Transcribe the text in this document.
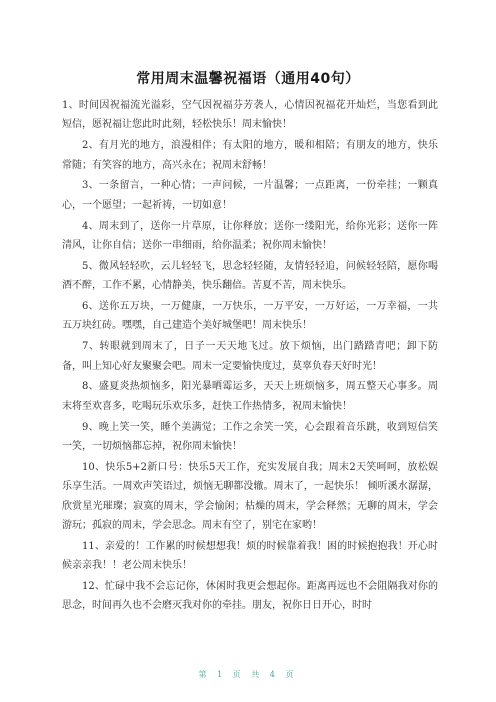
常用周末温馨祝福语（通用40句）

1、时间因祝福流光溢彩，空气因祝福芬芳袭人，心情因祝福花开灿烂，当您看到此短信，愿祝福让您此时此刻，轻松快乐！周末愉快！

2、有月光的地方，浪漫相伴；有太阳的地方，暖和相陪；有朋友的地方，快乐常随；有笑容的地方，高兴永在；祝周末舒畅！

3、一条留言，一种心情；一声问候，一片温馨；一点距离，一份牵挂；一颗真心，一个愿望；一起祈祷，一切如意！

4、周末到了，送你一片草原，让你释放；送你一缕阳光，给你光彩；送你一阵清风，让你自信；送你一串细雨，给你温柔；祝你周末愉快！

5、微风轻轻吹，云儿轻轻飞，思念轻轻随，友情轻轻追，问候轻轻陪，愿你喝酒不醉，工作不累，心情静美，快乐翻倍。苦夏不苦，周末快乐。

6、送你五万块，一万健康，一万快乐，一万平安，一万好运，一万幸福，一共五万块红砖。嘿嘿，自己建造个美好城堡吧！周末快乐！

7、转眼就到周末了，日子一天天地飞过。放下烦恼，出门踏踏青吧；卸下防备，叫上知心好友聚聚会吧。周末一定要愉快度过，莫辜负春天好时光！

8、盛夏炎热烦恼多，阳光暴晒霉运多，天天上班烦恼多，周五整天心事多。周末将至欢喜多，吃喝玩乐欢乐多，赶快工作热情多，祝周末愉快！

9、晚上笑一笑，睡个美满觉；工作之余笑一笑，心会跟着音乐跳，收到短信笑一笑，一切烦恼都忘掉，祝你周末愉快！

10、快乐5+2新口号：快乐5天工作，充实发展自我；周末2天笑呵呵，放松娱乐享生活。一周欢声笑语过，烦恼无聊都没辙。周末了，一起快乐！ 倾听溪水潺潺，欣赏星光璀璨；寂寞的周末，学会愉闲；枯燥的周末，学会释然；无聊的周末，学会游玩；孤寂的周末，学会思念。周末有空了，别宅在家哟！

11、亲爱的！工作累的时候想想我！烦的时候靠着我！困的时候抱抱我！开心时候亲亲我！！老公周末快乐！

12、忙碌中我不会忘记你，休闲时我更会想起你。距离再远也不会阻隔我对你的思念，时间再久也不会磨灭我对你的牵挂。朋友，祝你日日开心，时时

第 1 页 共 4 页
